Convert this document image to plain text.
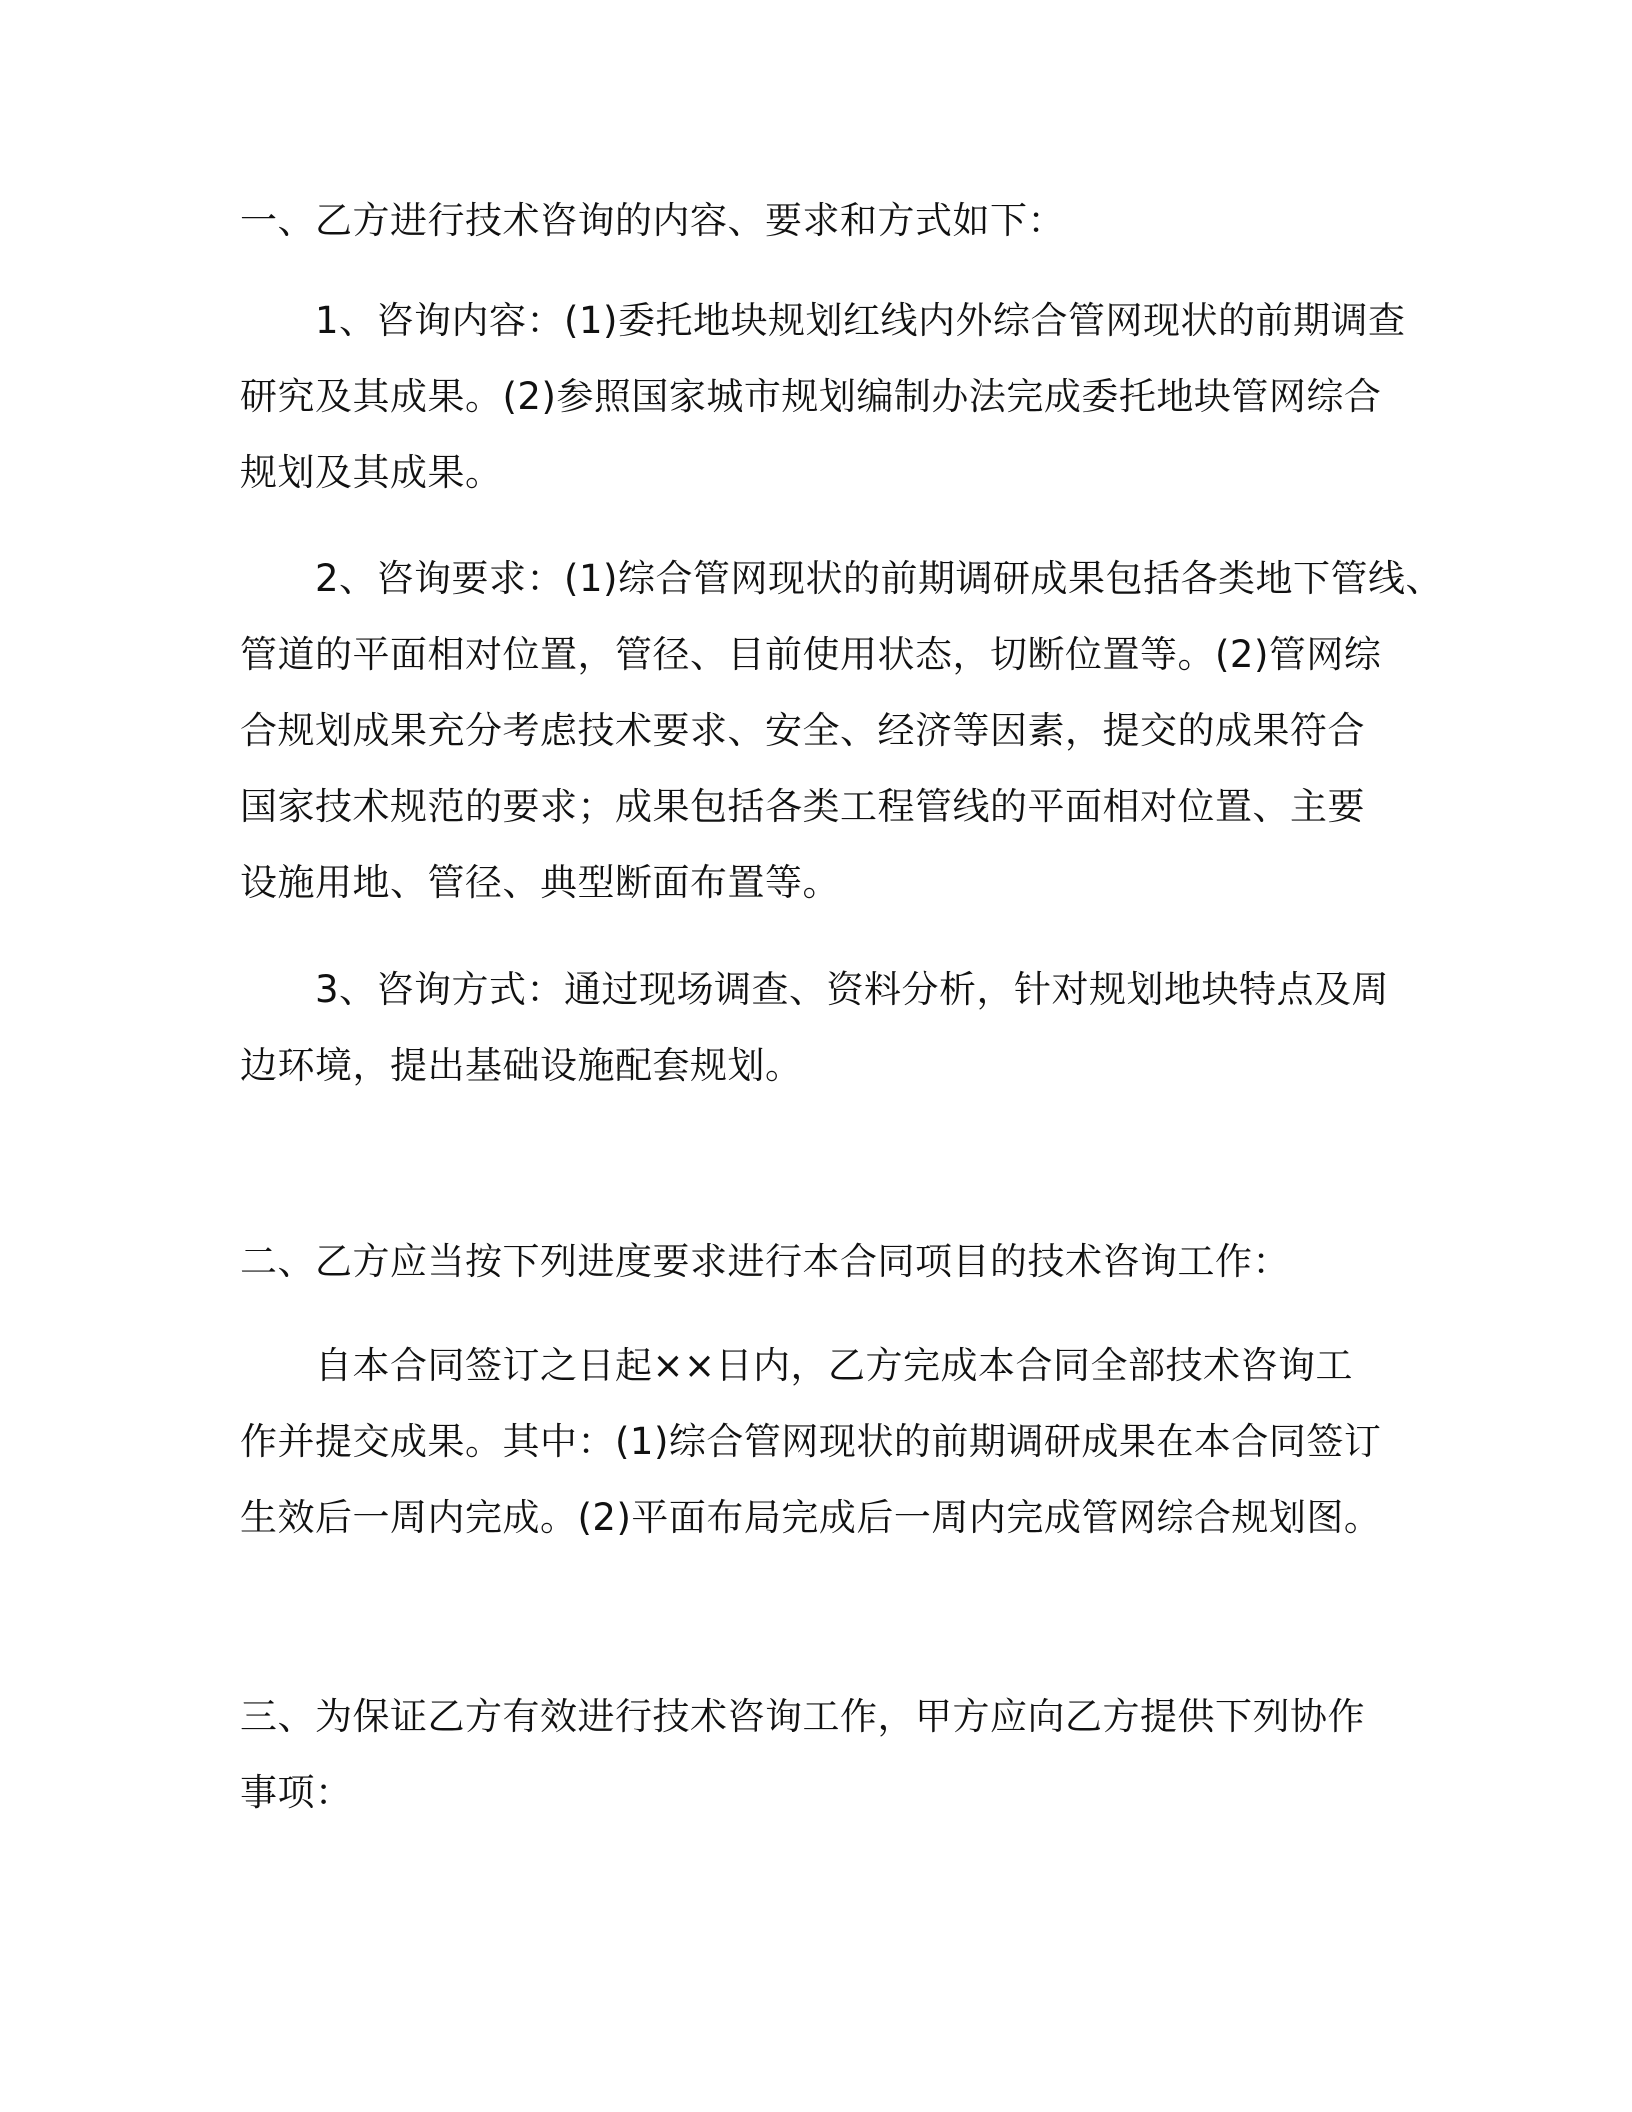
一、乙方进行技术咨询的内容、要求和方式如下：
1、咨询内容：(1)委托地块规划红线内外综合管网现状的前期调查
研究及其成果。(2)参照国家城市规划编制办法完成委托地块管网综合
规划及其成果。
2、咨询要求：(1)综合管网现状的前期调研成果包括各类地下管线、
管道的平面相对位置，管径、目前使用状态，切断位置等。(2)管网综
合规划成果充分考虑技术要求、安全、经济等因素，提交的成果符合
国家技术规范的要求；成果包括各类工程管线的平面相对位置、主要
设施用地、管径、典型断面布置等。
3、咨询方式：通过现场调查、资料分析，针对规划地块特点及周
边环境，提出基础设施配套规划。
二、乙方应当按下列进度要求进行本合同项目的技术咨询工作：
自本合同签订之日起××日内，乙方完成本合同全部技术咨询工
作并提交成果。其中：(1)综合管网现状的前期调研成果在本合同签订
生效后一周内完成。(2)平面布局完成后一周内完成管网综合规划图。
三、为保证乙方有效进行技术咨询工作，甲方应向乙方提供下列协作
事项：
